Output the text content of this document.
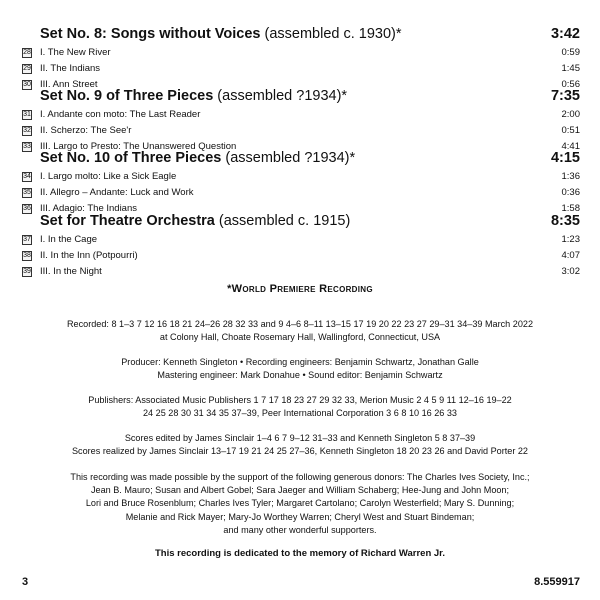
Set No. 8: Songs without Voices (assembled c. 1930)*	3:42
28 I. The New River	0:59
29 II. The Indians	1:45
30 III. Ann Street	0:56
Set No. 9 of Three Pieces (assembled ?1934)*	7:35
31 I. Andante con moto: The Last Reader	2:00
32 II. Scherzo: The See'r	0:51
33 III. Largo to Presto: The Unanswered Question	4:41
Set No. 10 of Three Pieces (assembled ?1934)*	4:15
34 I. Largo molto: Like a Sick Eagle	1:36
35 II. Allegro – Andante: Luck and Work	0:36
36 III. Adagio: The Indians	1:58
Set for Theatre Orchestra (assembled c. 1915)	8:35
37 I. In the Cage	1:23
38 II. In the Inn (Potpourri)	4:07
39 III. In the Night	3:02
*World Premiere Recording

Recorded: 8 1–3 7 12 16 18 21 24–26 28 32 33 and 9 4–6 8–11 13–15 17 19 20 22 23 27 29–31 34–39 March 2022

at Colony Hall, Choate Rosemary Hall, Wallingford, Connecticut, USA

Producer: Kenneth Singleton • Recording engineers: Benjamin Schwartz, Jonathan Galle

Mastering engineer: Mark Donahue • Sound editor: Benjamin Schwartz

Publishers: Associated Music Publishers 1 7 17 18 23 27 29 32 33, Merion Music 2 4 5 9 11 12–16 19–22

24 25 28 30 31 34 35 37–39, Peer International Corporation 3 6 8 10 16 26 33

Scores edited by James Sinclair 1–4 6 7 9–12 31–33 and Kenneth Singleton 5 8 37–39

Scores realized by James Sinclair 13–17 19 21 24 25 27–36, Kenneth Singleton 18 20 23 26 and David Porter 22

This recording was made possible by the support of the following generous donors: The Charles Ives Society, Inc.;

Jean B. Mauro; Susan and Albert Gobel; Sara Jaeger and William Schaberg; Hee-Jung and John Moon;

Lori and Bruce Rosenblum; Charles Ives Tyler; Margaret Cartolano; Carolyn Westerfield; Mary S. Dunning;

Melanie and Rick Mayer; Mary-Jo Worthey Warren; Cheryl West and Stuart Bindeman;

and many other wonderful supporters.

This recording is dedicated to the memory of Richard Warren Jr.
3	8.559917
